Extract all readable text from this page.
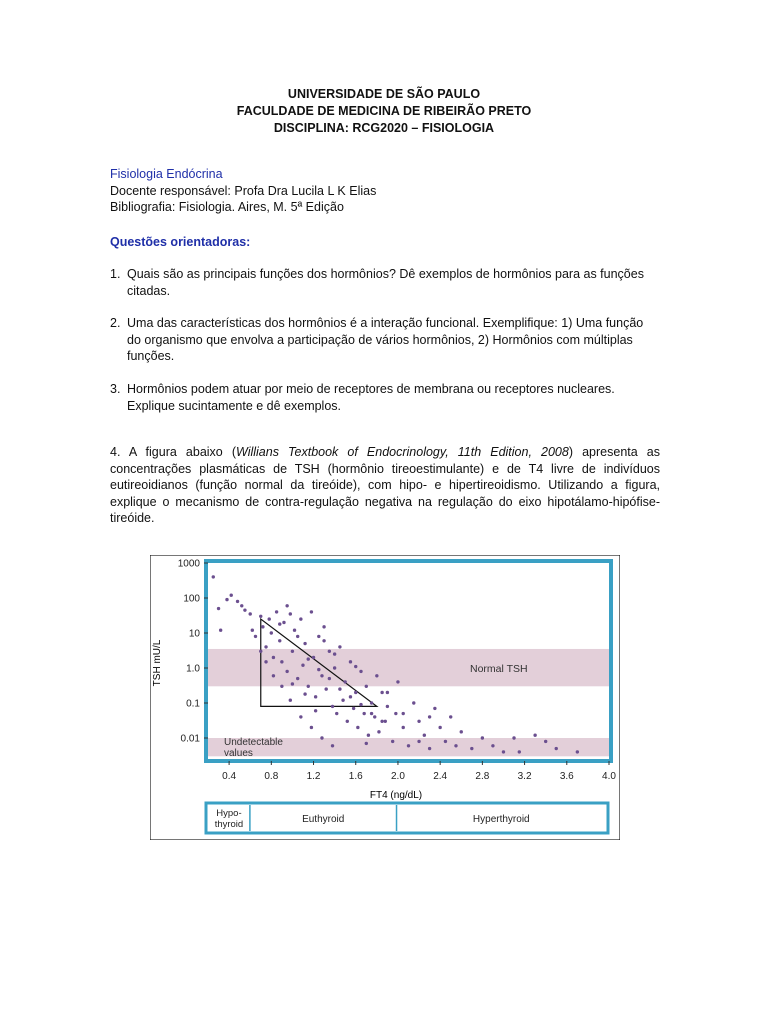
UNIVERSIDADE DE SÃO PAULO
FACULDADE DE MEDICINA DE RIBEIRÃO PRETO
DISCIPLINA: RCG2020 – FISIOLOGIA
Fisiologia Endócrina
Docente responsável: Profa Dra Lucila L K Elias
Bibliografia: Fisiologia. Aires, M. 5ª Edição
Questões orientadoras:
1. Quais são as principais funções dos hormônios? Dê exemplos de hormônios para as funções citadas.
2. Uma das características dos hormônios é a interação funcional. Exemplifique: 1) Uma função do organismo que envolva a participação de vários hormônios, 2) Hormônios com múltiplas funções.
3. Hormônios podem atuar por meio de receptores de membrana ou receptores nucleares. Explique sucintamente e dê exemplos.
4. A figura abaixo (Willians Textbook of Endocrinology, 11th Edition, 2008) apresenta as concentrações plasmáticas de TSH (hormônio tireoestimulante) e de T4 livre de indivíduos eutireoidianos (função normal da tireóide), com hipo- e hipertireoidismo. Utilizando a figura, explique o mecanismo de contra-regulação negativa na regulação do eixo hipotálamo-hipófise-tireóide.
Normal TSH
Undetectable
values
1000
100
10
1.0
0.1
0.01
0.4	0.8	1.2	1.6	2.0	2.4	2.8	3.2	3.6	4.0
TSH mU/L
FT4 (ng/dL)
Hypo-
thyroid	Euthyroid	Hyperthyroid
